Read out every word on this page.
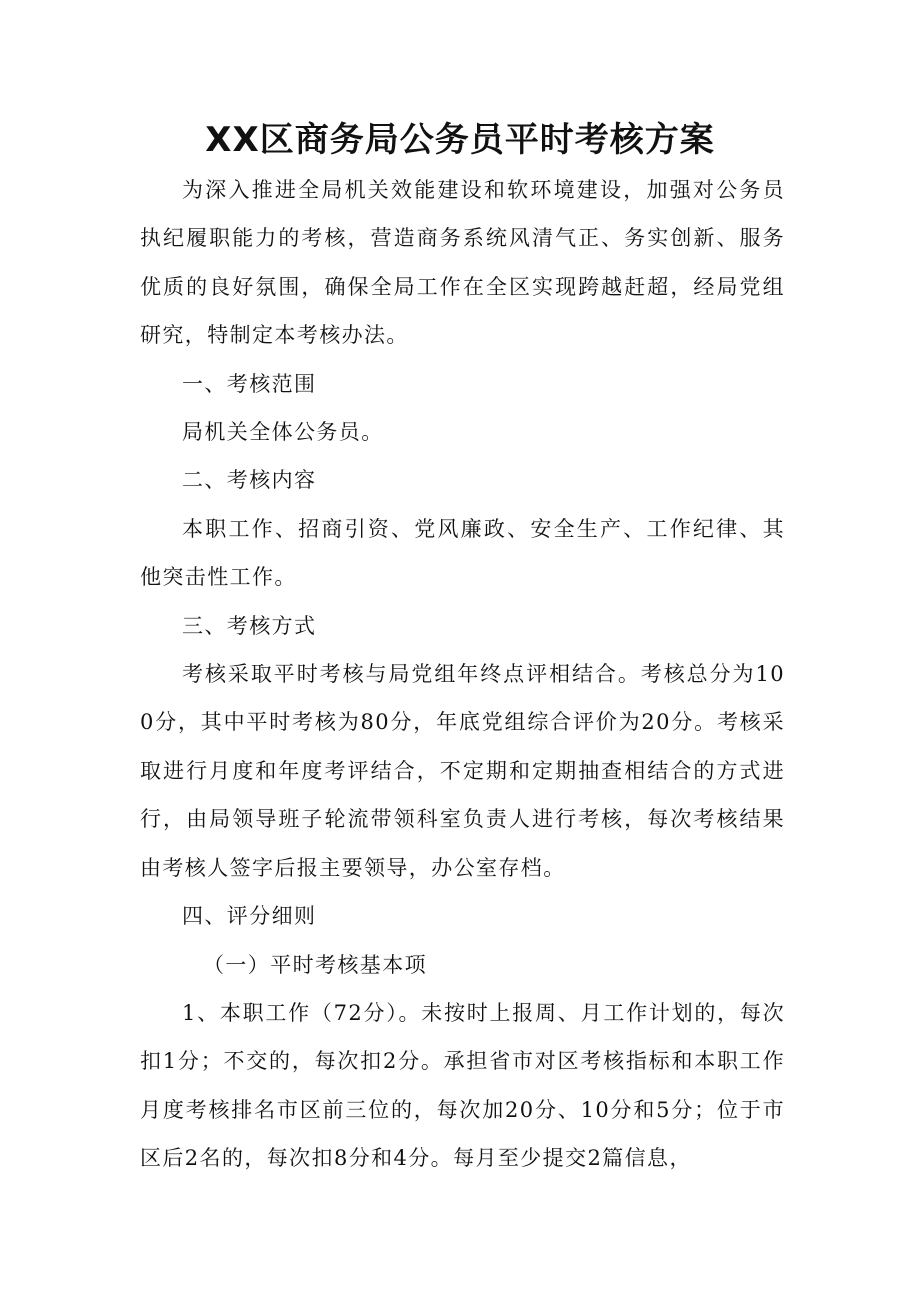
XX区商务局公务员平时考核方案

为深入推进全局机关效能建设和软环境建设，加强对公务员执纪履职能力的考核，营造商务系统风清气正、务实创新、服务优质的良好氛围，确保全局工作在全区实现跨越赶超，经局党组研究，特制定本考核办法。

一、考核范围

局机关全体公务员。

二、考核内容

本职工作、招商引资、党风廉政、安全生产、工作纪律、其他突击性工作。

三、考核方式

考核采取平时考核与局党组年终点评相结合。考核总分为100分，其中平时考核为80分，年底党组综合评价为20分。考核采取进行月度和年度考评结合，不定期和定期抽查相结合的方式进行，由局领导班子轮流带领科室负责人进行考核，每次考核结果由考核人签字后报主要领导，办公室存档。

四、评分细则

（一）平时考核基本项

1、本职工作（72分）。未按时上报周、月工作计划的，每次扣1分；不交的，每次扣2分。承担省市对区考核指标和本职工作月度考核排名市区前三位的，每次加20分、10分和5分；位于市区后2名的，每次扣8分和4分。每月至少提交2篇信息，
